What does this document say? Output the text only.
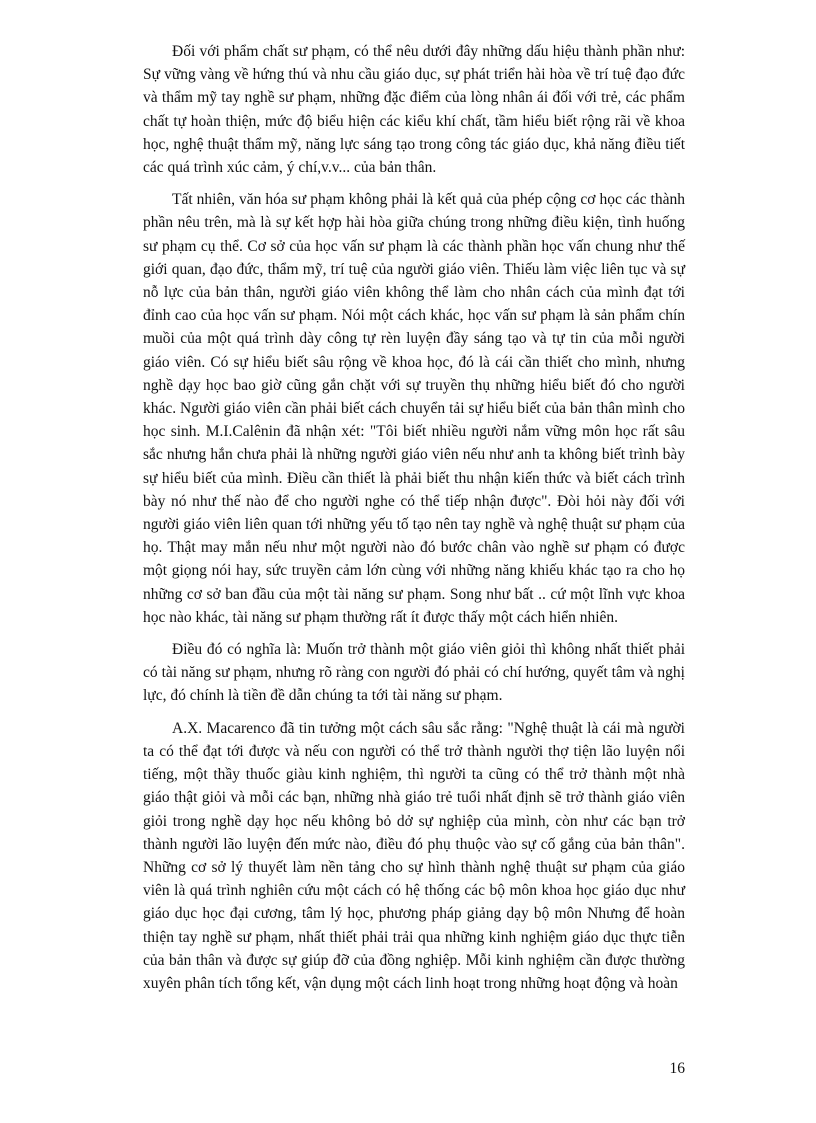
Đối với phẩm chất sư phạm, có thể nêu dưới đây những dấu hiệu thành phần như: Sự vững vàng về hứng thú và nhu cầu giáo dục, sự phát triển hài hòa về trí tuệ đạo đức và thẩm mỹ tay nghề sư phạm, những đặc điểm của lòng nhân ái đối với trẻ, các phẩm chất tự hoàn thiện, mức độ biểu hiện các kiểu khí chất, tầm hiểu biết rộng rãi về khoa học, nghệ thuật thẩm mỹ, năng lực sáng tạo trong công tác giáo dục, khả năng điều tiết các quá trình xúc cảm, ý chí,v.v... của bản thân.

Tất nhiên, văn hóa sư phạm không phải là kết quả của phép cộng cơ học các thành phần nêu trên, mà là sự kết hợp hài hòa giữa chúng trong những điều kiện, tình huống sư phạm cụ thể. Cơ sở của học vấn sư phạm là các thành phần học vấn chung như thế giới quan, đạo đức, thẩm mỹ, trí tuệ của người giáo viên. Thiếu làm việc liên tục và sự nỗ lực của bản thân, người giáo viên không thể làm cho nhân cách của mình đạt tới đỉnh cao của học vấn sư phạm. Nói một cách khác, học vấn sư phạm là sản phẩm chín muồi của một quá trình dày công tự rèn luyện đầy sáng tạo và tự tin của mỗi người giáo viên. Có sự hiểu biết sâu rộng về khoa học, đó là cái cần thiết cho mình, nhưng nghề dạy học bao giờ cũng gắn chặt với sự truyền thụ những hiểu biết đó cho người khác. Người giáo viên cần phải biết cách chuyển tải sự hiểu biết của bản thân mình cho học sinh. M.I.Calênin đã nhận xét: "Tôi biết nhiều người nắm vững môn học rất sâu sắc nhưng hắn chưa phải là những người giáo viên nếu như anh ta không biết trình bày sự hiểu biết của mình. Điều cần thiết là phải biết thu nhận kiến thức và biết cách trình bày nó như thế nào để cho người nghe có thể tiếp nhận được". Đòi hỏi này đối với người giáo viên liên quan tới những yếu tố tạo nên tay nghề và nghệ thuật sư phạm của họ. Thật may mắn nếu như một người nào đó bước chân vào nghề sư phạm có được một giọng nói hay, sức truyền cảm lớn cùng với những năng khiếu khác tạo ra cho họ những cơ sở ban đầu của một tài năng sư phạm. Song như bất .. cứ một lĩnh vực khoa học nào khác, tài năng sư phạm thường rất ít được thấy một cách hiển nhiên.

Điều đó có nghĩa là: Muốn trở thành một giáo viên giỏi thì không nhất thiết phải có tài năng sư phạm, nhưng rõ ràng con người đó phải có chí hướng, quyết tâm và nghị lực, đó chính là tiền đề dẫn chúng ta tới tài năng sư phạm.

A.X. Macarenco đã tin tưởng một cách sâu sắc rằng: "Nghệ thuật là cái mà người ta có thể đạt tới được và nếu con người có thể trở thành người thợ tiện lão luyện nổi tiếng, một thầy thuốc giàu kinh nghiệm, thì người ta cũng có thể trở thành một nhà giáo thật giỏi và mỗi các bạn, những nhà giáo trẻ tuổi nhất định sẽ trở thành giáo viên giỏi trong nghề dạy học nếu không bỏ dở sự nghiệp của mình, còn như các bạn trở thành người lão luyện đến mức nào, điều đó phụ thuộc vào sự cố gắng của bản thân". Những cơ sở lý thuyết làm nền tảng cho sự hình thành nghệ thuật sư phạm của giáo viên là quá trình nghiên cứu một cách có hệ thống các bộ môn khoa học giáo dục như giáo dục học đại cương, tâm lý học, phương pháp giảng dạy bộ môn Nhưng để hoàn thiện tay nghề sư phạm, nhất thiết phải trải qua những kinh nghiệm giáo dục thực tiễn của bản thân và được sự giúp đỡ của đồng nghiệp. Mỗi kinh nghiệm cần được thường xuyên phân tích tổng kết, vận dụng một cách linh hoạt trong những hoạt động và hoàn

16
